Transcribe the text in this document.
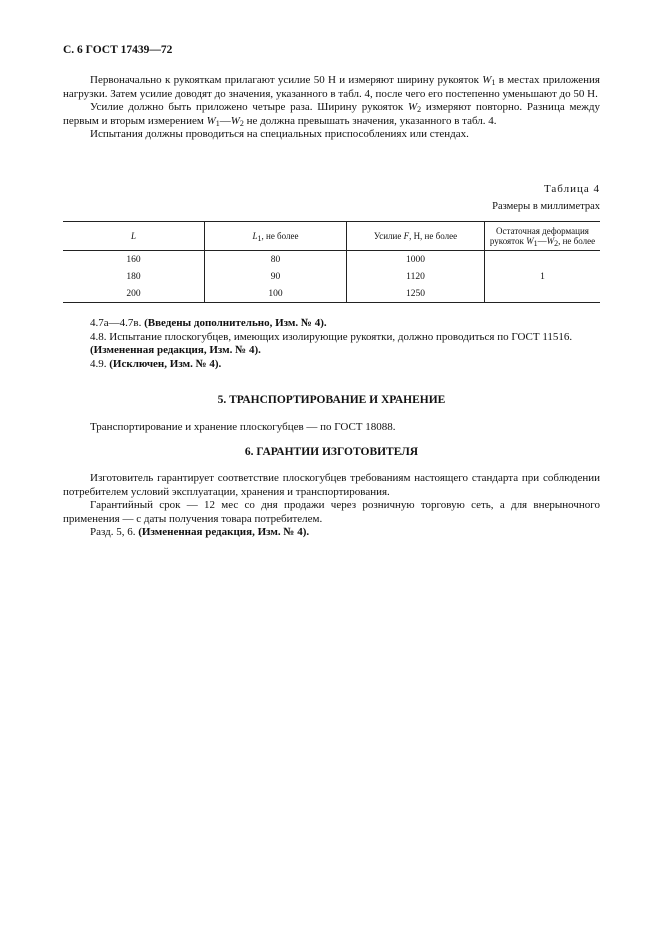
С. 6 ГОСТ 17439—72

Первоначально к рукояткам прилагают усилие 50 Н и измеряют ширину рукояток $W_1$ в местах приложения нагрузки. Затем усилие доводят до значения, указанного в табл. 4, после чего его постепенно уменьшают до 50 Н.

Усилие должно быть приложено четыре раза. Ширину рукояток $W_2$ измеряют повторно. Разница между первым и вторым измерением $W_1—W_2$ не должна превышать значения, указанного в табл. 4.

Испытания должны проводиться на специальных приспособлениях или стендах.

Таблица 4
Размеры в миллиметрах
L	$L_1$, не более	Усилие F, Н, не более	Остаточная деформация
рукояток $W_1—W_2$, не более
160	80	1000	1
180	90	1120	
200	100	1250	

4.7а—4.7в. (Введены дополнительно, Изм. № 4).

4.8. Испытание плоскогубцев, имеющих изолирующие рукоятки, должно проводиться по ГОСТ 11516.

(Измененная редакция, Изм. № 4).

4.9. (Исключен, Изм. № 4).

5. ТРАНСПОРТИРОВАНИЕ И ХРАНЕНИЕ

Транспортирование и хранение плоскогубцев — по ГОСТ 18088.

6. ГАРАНТИИ ИЗГОТОВИТЕЛЯ

Изготовитель гарантирует соответствие плоскогубцев требованиям настоящего стандарта при соблюдении потребителем условий эксплуатации, хранения и транспортирования.

Гарантийный срок — 12 мес со дня продажи через розничную торговую сеть, а для внерыночного применения — с даты получения товара потребителем.

Разд. 5, 6. (Измененная редакция, Изм. № 4).
